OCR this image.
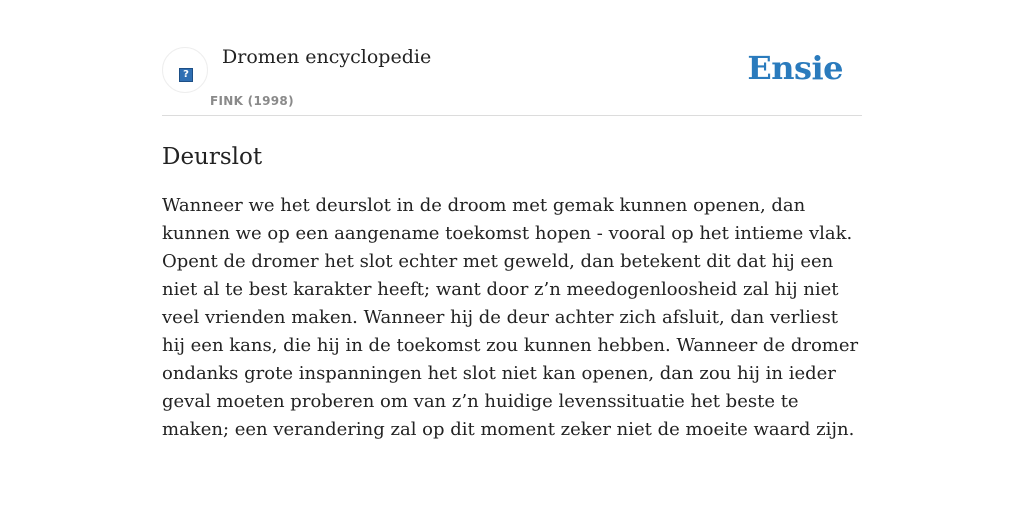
?
Dromen encyclopedie
FINK (1998)
Ensie
Deurslot

Wanneer we het deurslot in de droom met gemak kunnen openen, dan kunnen we op een aangename toekomst hopen - vooral op het intieme vlak. Opent de dromer het slot echter met geweld, dan betekent dit dat hij een niet al te best karakter heeft; want door z’n meedogenloosheid zal hij niet veel vrienden maken. Wanneer hij de deur achter zich afsluit, dan verliest hij een kans, die hij in de toekomst zou kunnen hebben. Wanneer de dromer ondanks grote inspanningen het slot niet kan openen, dan zou hij in ieder geval moeten proberen om van z’n huidige levenssituatie het beste te maken; een verandering zal op dit moment zeker niet de moeite waard zijn.
